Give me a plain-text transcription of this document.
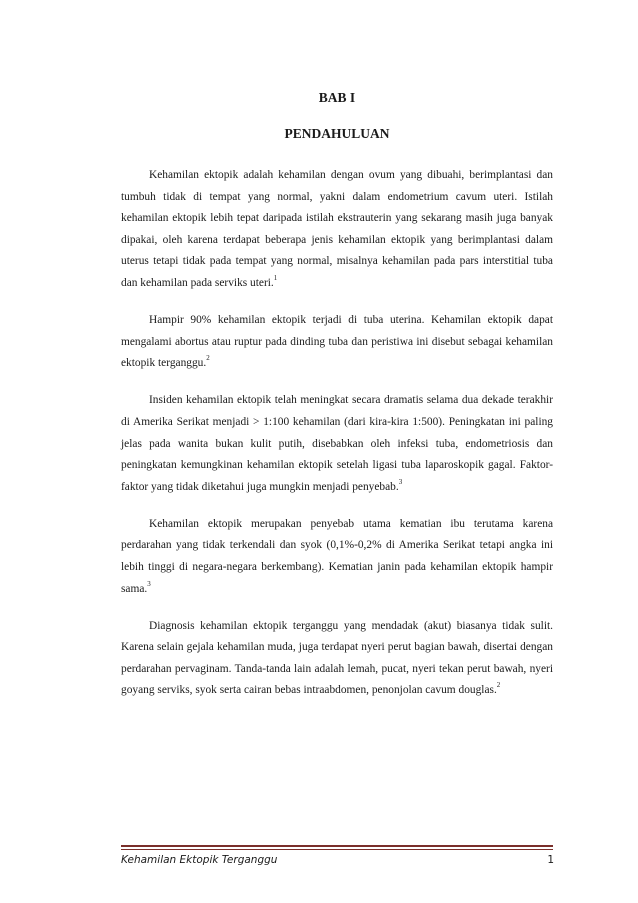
BAB I
PENDAHULUAN

Kehamilan ektopik adalah kehamilan dengan ovum yang dibuahi, berimplantasi dan tumbuh tidak di tempat yang normal, yakni dalam endometrium cavum uteri. Istilah kehamilan ektopik lebih tepat daripada istilah ekstrauterin yang sekarang masih juga banyak dipakai, oleh karena terdapat beberapa jenis kehamilan ektopik yang berimplantasi dalam uterus tetapi tidak pada tempat yang normal, misalnya kehamilan pada pars interstitial tuba dan kehamilan pada serviks uteri.$^1$

Hampir 90% kehamilan ektopik terjadi di tuba uterina. Kehamilan ektopik dapat mengalami abortus atau ruptur pada dinding tuba dan peristiwa ini disebut sebagai kehamilan ektopik terganggu.$^2$

Insiden kehamilan ektopik telah meningkat secara dramatis selama dua dekade terakhir di Amerika Serikat menjadi > 1:100 kehamilan (dari kira-kira 1:500). Peningkatan ini paling jelas pada wanita bukan kulit putih, disebabkan oleh infeksi tuba, endometriosis dan peningkatan kemungkinan kehamilan ektopik setelah ligasi tuba laparoskopik gagal. Faktor-faktor yang tidak diketahui juga mungkin menjadi penyebab.$^3$

Kehamilan ektopik merupakan penyebab utama kematian ibu terutama karena perdarahan yang tidak terkendali dan syok (0,1%-0,2% di Amerika Serikat tetapi angka ini lebih tinggi di negara-negara berkembang). Kematian janin pada kehamilan ektopik hampir sama.$^3$

Diagnosis kehamilan ektopik terganggu yang mendadak (akut) biasanya tidak sulit. Karena selain gejala kehamilan muda, juga terdapat nyeri perut bagian bawah, disertai dengan perdarahan pervaginam. Tanda-tanda lain adalah lemah, pucat, nyeri tekan perut bawah, nyeri goyang serviks, syok serta cairan bebas intraabdomen, penonjolan cavum douglas.$^2$

Kehamilan Ektopik Terganggu	1
